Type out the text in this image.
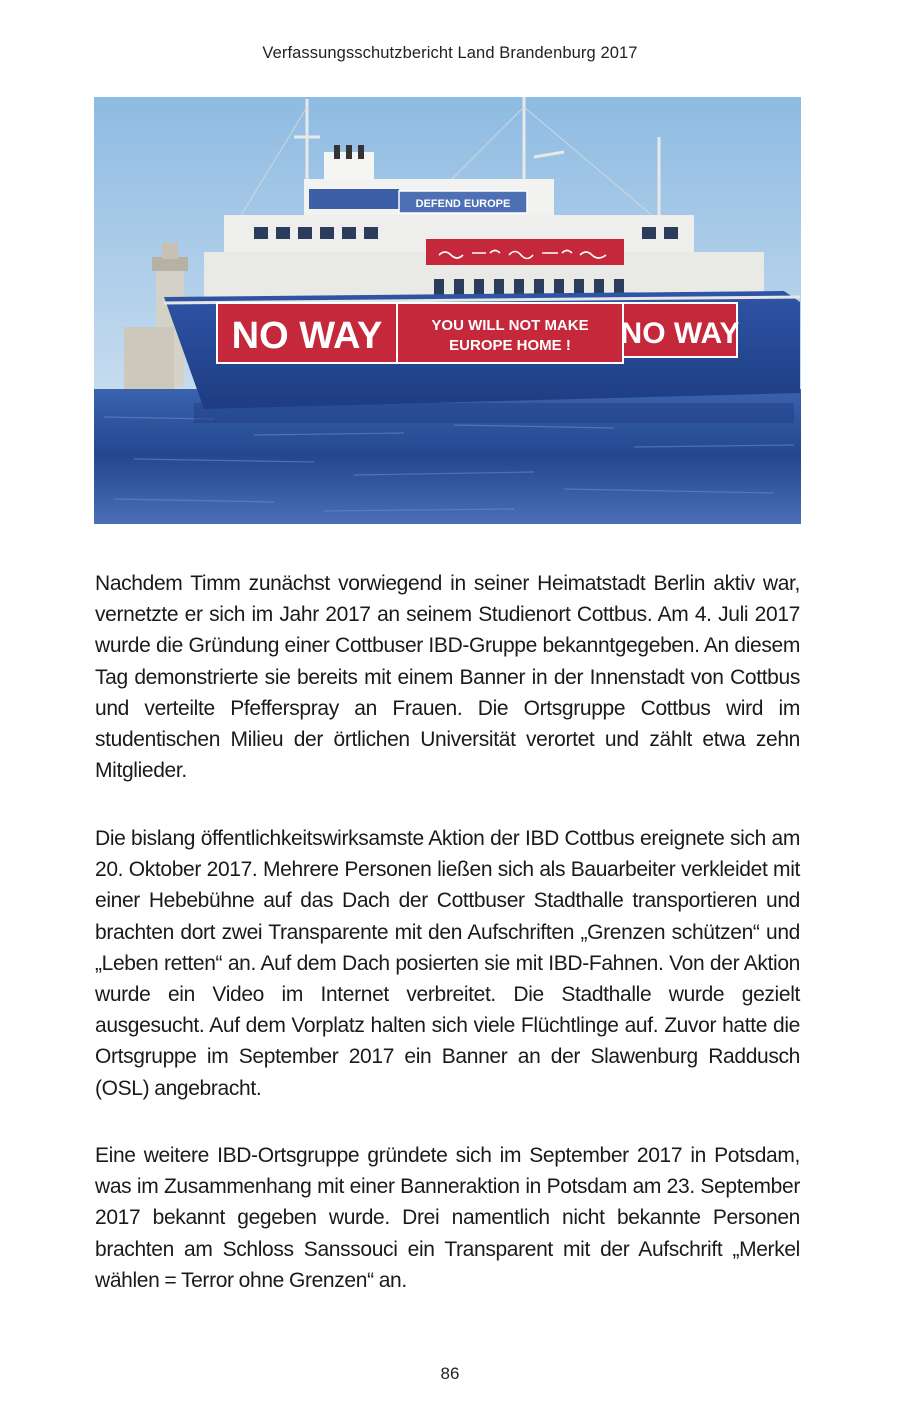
Verfassungsschutzbericht Land Brandenburg 2017
DEFEND EUROPE
NO WAY	YOU WILL NOT MAKE
EUROPE HOME ! NO WAY

Nachdem Timm zunächst vorwiegend in seiner Heimatstadt Berlin aktiv war, vernetzte er sich im Jahr 2017 an seinem Studienort Cottbus. Am 4. Juli 2017 wurde die Gründung einer Cottbuser IBD-Gruppe bekanntgegeben. An diesem Tag demonstrierte sie bereits mit einem Banner in der Innenstadt von Cottbus und verteilte Pfefferspray an Frauen. Die Ortsgruppe Cottbus wird im studentischen Milieu der örtlichen Universität verortet und zählt etwa zehn Mitglieder.

Die bislang öffentlichkeitswirksamste Aktion der IBD Cottbus ereignete sich am 20. Oktober 2017. Mehrere Personen ließen sich als Bauarbeiter verkleidet mit einer Hebebühne auf das Dach der Cottbuser Stadthalle transportieren und brachten dort zwei Transparente mit den Aufschriften „Grenzen schützen“ und „Leben retten“ an. Auf dem Dach posierten sie mit IBD-Fahnen. Von der Aktion wurde ein Video im Internet verbreitet. Die Stadthalle wurde gezielt ausgesucht. Auf dem Vorplatz halten sich viele Flüchtlinge auf. Zuvor hatte die Ortsgruppe im September 2017 ein Banner an der Slawenburg Raddusch (OSL) angebracht.

Eine weitere IBD-Ortsgruppe gründete sich im September 2017 in Potsdam, was im Zusammenhang mit einer Banneraktion in Potsdam am 23. September 2017 bekannt gegeben wurde. Drei namentlich nicht bekannte Personen brachten am Schloss Sanssouci ein Transparent mit der Aufschrift „Merkel wählen = Terror ohne Grenzen“ an.

86
